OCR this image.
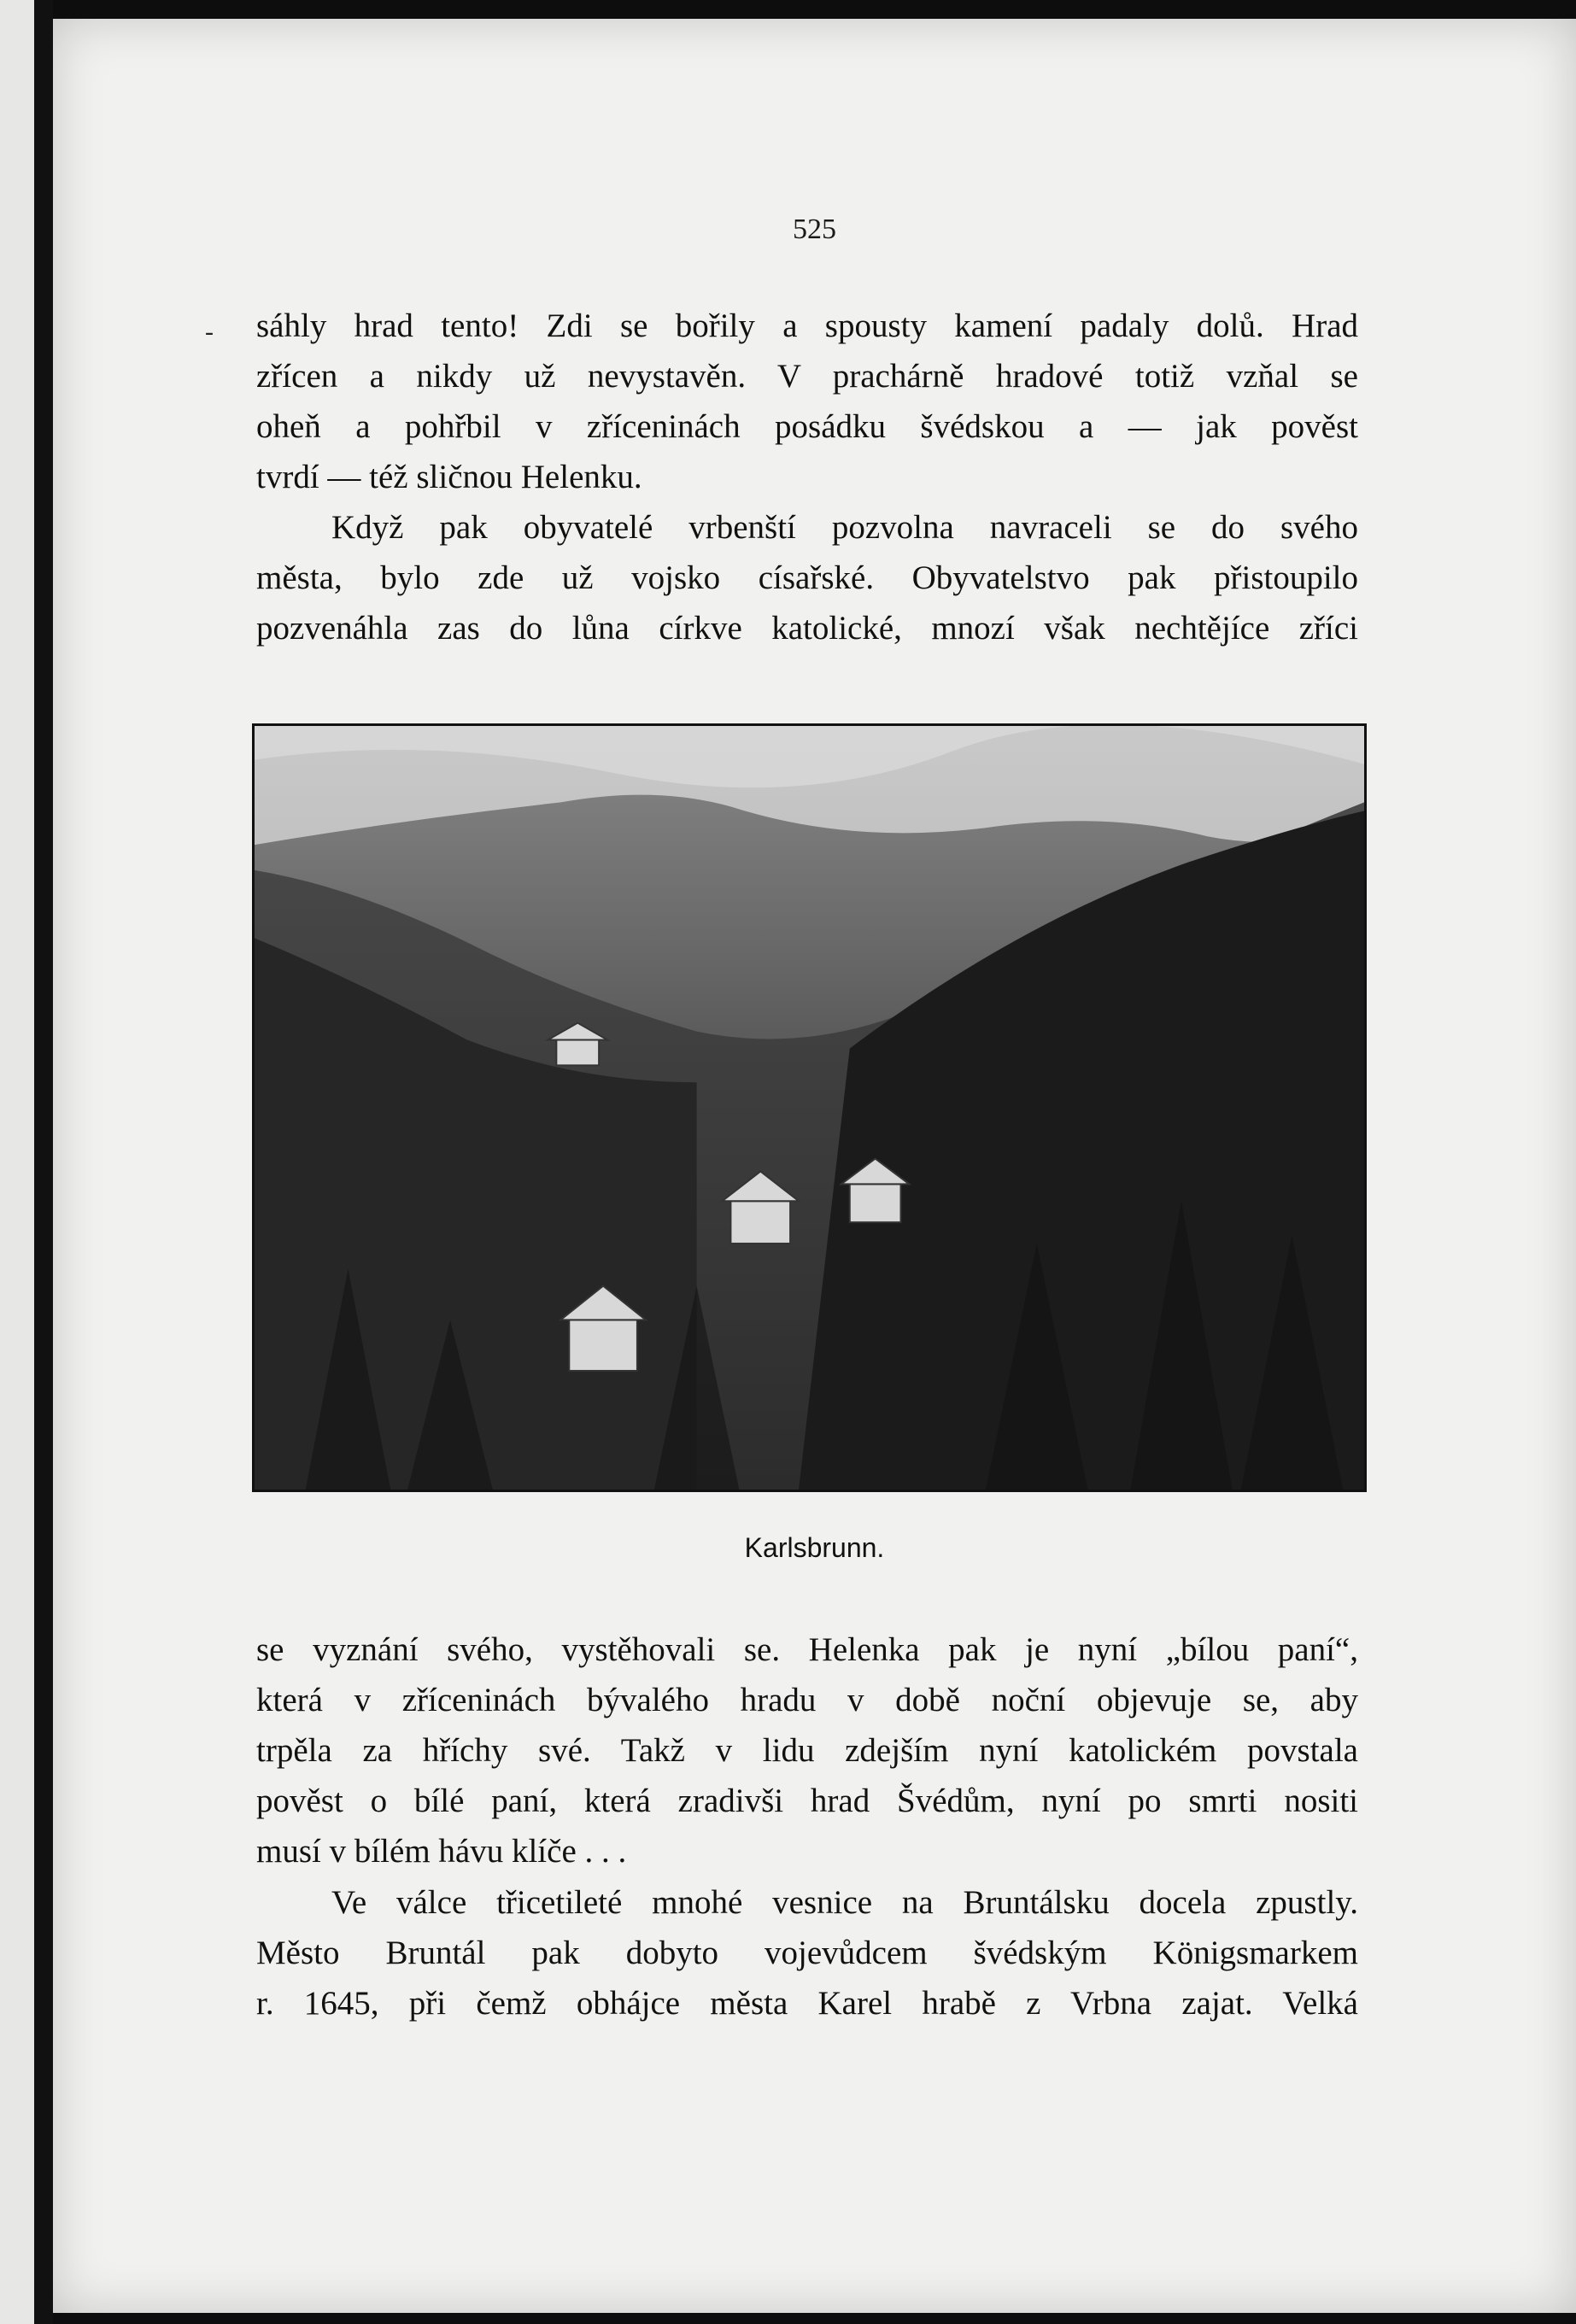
525
- sáhly hrad tento! Zdi se bořily a spousty kamení padaly dolů. Hrad
zřícen a nikdy už nevystavěn. V prachárně hradové totiž vzňal se
oheň a pohřbil v zříceninách posádku švédskou a — jak pověst
tvrdí — též sličnou Helenku.
Když pak obyvatelé vrbenští pozvolna navraceli se do svého
města, bylo zde už vojsko císařské. Obyvatelstvo pak přistoupilo
pozvenáhla zas do lůna církve katolické, mnozí však nechtějíce zříci
Karlsbrunn.
se vyznání svého, vystěhovali se. Helenka pak je nyní „bílou paní“,
která v zříceninách bývalého hradu v době noční objevuje se, aby
trpěla za hříchy své. Takž v lidu zdejším nyní katolickém povstala
pověst o bílé paní, která zradivši hrad Švédům, nyní po smrti nositi
musí v bílém hávu klíče . . .
Ve válce třicetileté mnohé vesnice na Bruntálsku docela zpustly.
Město Bruntál pak dobyto vojevůdcem švédským Königsmarkem
r. 1645, při čemž obhájce města Karel hrabě z Vrbna zajat. Velká
